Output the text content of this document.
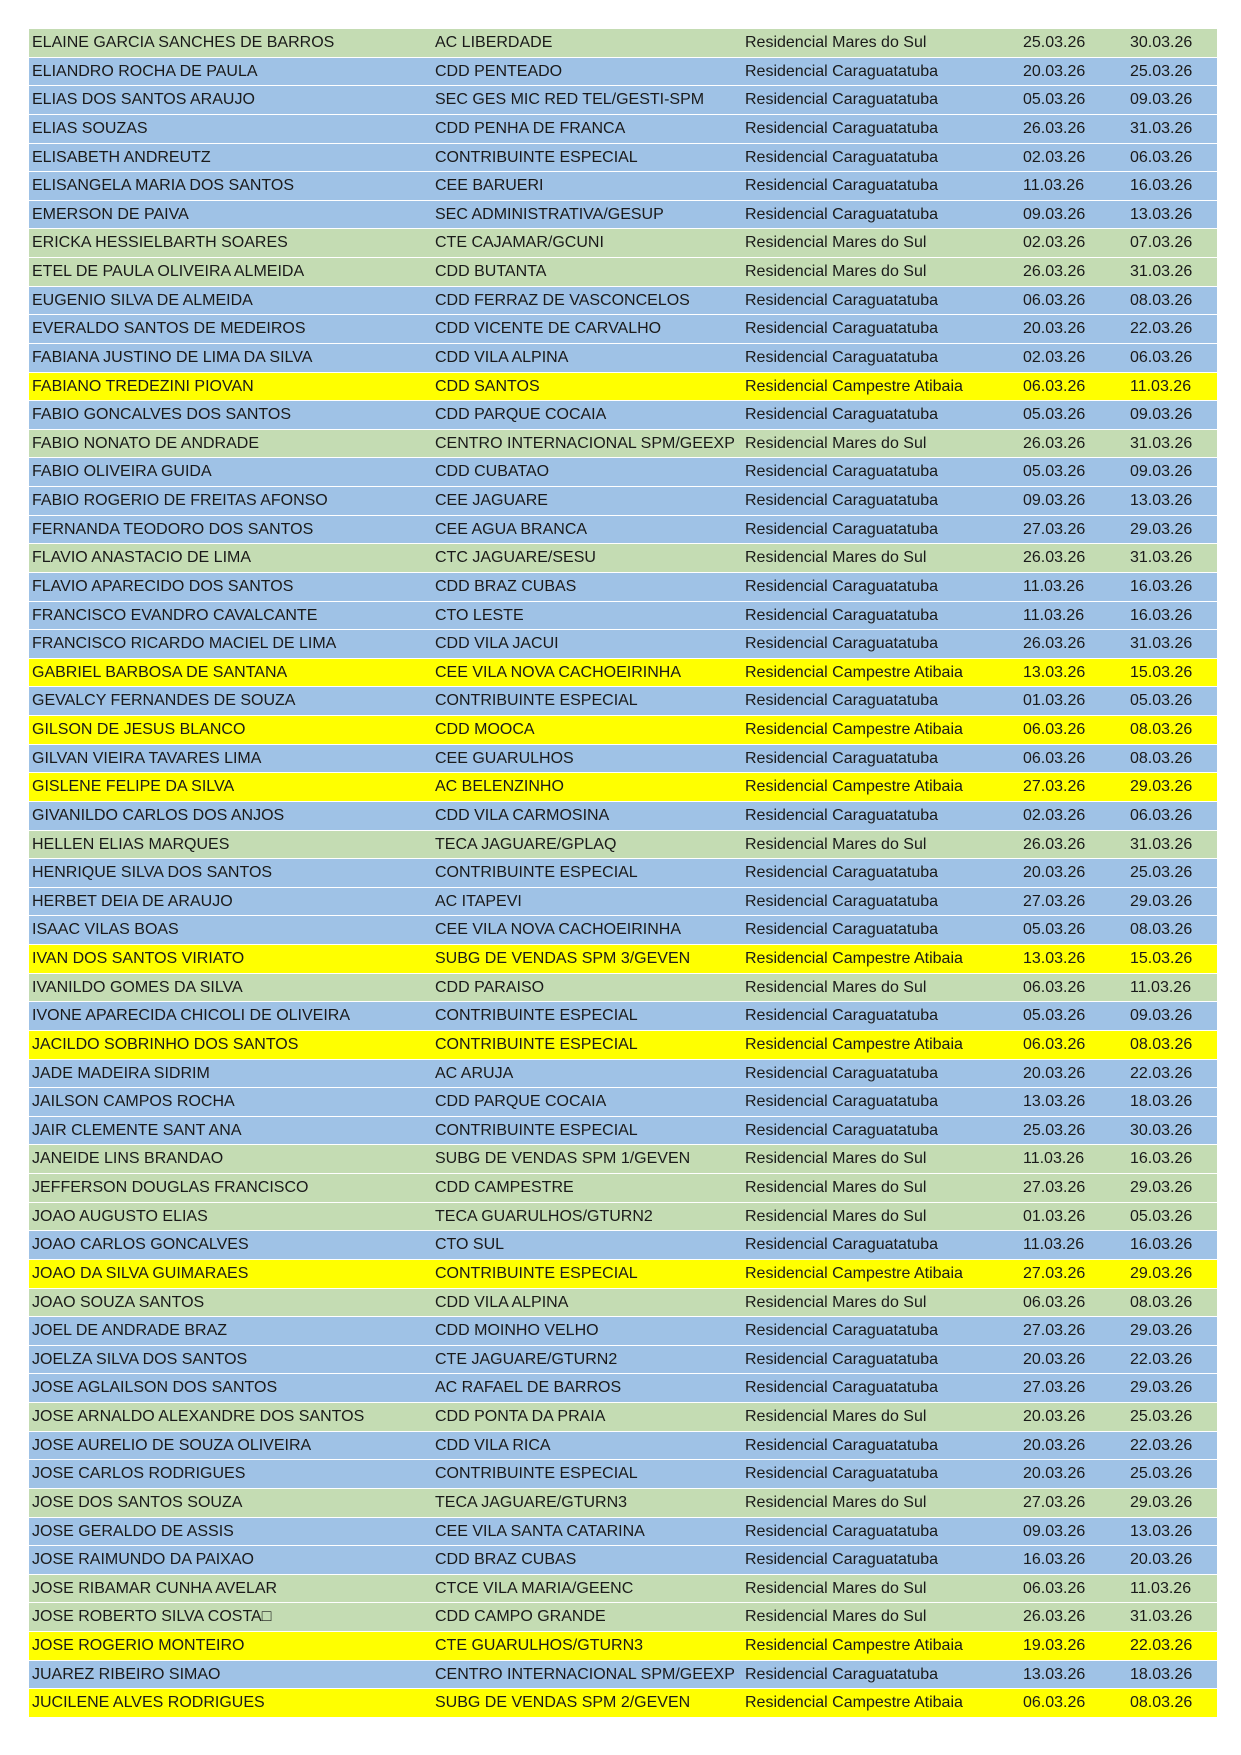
ELAINE GARCIA SANCHES DE BARROS	AC LIBERDADE	Residencial Mares do Sul	25.03.26	30.03.26
ELIANDRO ROCHA DE PAULA	CDD PENTEADO	Residencial Caraguatatuba	20.03.26	25.03.26
ELIAS DOS SANTOS ARAUJO	SEC GES MIC RED TEL/GESTI-SPM	Residencial Caraguatatuba	05.03.26	09.03.26
ELIAS SOUZAS	CDD PENHA DE FRANCA	Residencial Caraguatatuba	26.03.26	31.03.26
ELISABETH ANDREUTZ	CONTRIBUINTE ESPECIAL	Residencial Caraguatatuba	02.03.26	06.03.26
ELISANGELA MARIA DOS SANTOS	CEE BARUERI	Residencial Caraguatatuba	11.03.26	16.03.26
EMERSON DE PAIVA	SEC ADMINISTRATIVA/GESUP	Residencial Caraguatatuba	09.03.26	13.03.26
ERICKA HESSIELBARTH SOARES	CTE CAJAMAR/GCUNI	Residencial Mares do Sul	02.03.26	07.03.26
ETEL DE PAULA OLIVEIRA ALMEIDA	CDD BUTANTA	Residencial Mares do Sul	26.03.26	31.03.26
EUGENIO SILVA DE ALMEIDA	CDD FERRAZ DE VASCONCELOS	Residencial Caraguatatuba	06.03.26	08.03.26
EVERALDO SANTOS DE MEDEIROS	CDD VICENTE DE CARVALHO	Residencial Caraguatatuba	20.03.26	22.03.26
FABIANA JUSTINO DE LIMA DA SILVA	CDD VILA ALPINA	Residencial Caraguatatuba	02.03.26	06.03.26
FABIANO TREDEZINI PIOVAN	CDD SANTOS	Residencial Campestre Atibaia	06.03.26	11.03.26
FABIO GONCALVES DOS SANTOS	CDD PARQUE COCAIA	Residencial Caraguatatuba	05.03.26	09.03.26
FABIO NONATO DE ANDRADE	CENTRO INTERNACIONAL SPM/GEEXP Residencial Mares do Sul	26.03.26	31.03.26
FABIO OLIVEIRA GUIDA	CDD CUBATAO	Residencial Caraguatatuba	05.03.26	09.03.26
FABIO ROGERIO DE FREITAS AFONSO	CEE JAGUARE	Residencial Caraguatatuba	09.03.26	13.03.26
FERNANDA TEODORO DOS SANTOS	CEE AGUA BRANCA	Residencial Caraguatatuba	27.03.26	29.03.26
FLAVIO ANASTACIO DE LIMA	CTC JAGUARE/SESU	Residencial Mares do Sul	26.03.26	31.03.26
FLAVIO APARECIDO DOS SANTOS	CDD BRAZ CUBAS	Residencial Caraguatatuba	11.03.26	16.03.26
FRANCISCO EVANDRO CAVALCANTE	CTO LESTE	Residencial Caraguatatuba	11.03.26	16.03.26
FRANCISCO RICARDO MACIEL DE LIMA	CDD VILA JACUI	Residencial Caraguatatuba	26.03.26	31.03.26
GABRIEL BARBOSA DE SANTANA	CEE VILA NOVA CACHOEIRINHA	Residencial Campestre Atibaia	13.03.26	15.03.26
GEVALCY FERNANDES DE SOUZA	CONTRIBUINTE ESPECIAL	Residencial Caraguatatuba	01.03.26	05.03.26
GILSON DE JESUS BLANCO	CDD MOOCA	Residencial Campestre Atibaia	06.03.26	08.03.26
GILVAN VIEIRA TAVARES LIMA	CEE GUARULHOS	Residencial Caraguatatuba	06.03.26	08.03.26
GISLENE FELIPE DA SILVA	AC BELENZINHO	Residencial Campestre Atibaia	27.03.26	29.03.26
GIVANILDO CARLOS DOS ANJOS	CDD VILA CARMOSINA	Residencial Caraguatatuba	02.03.26	06.03.26
HELLEN ELIAS MARQUES	TECA JAGUARE/GPLAQ	Residencial Mares do Sul	26.03.26	31.03.26
HENRIQUE SILVA DOS SANTOS	CONTRIBUINTE ESPECIAL	Residencial Caraguatatuba	20.03.26	25.03.26
HERBET DEIA DE ARAUJO	AC ITAPEVI	Residencial Caraguatatuba	27.03.26	29.03.26
ISAAC VILAS BOAS	CEE VILA NOVA CACHOEIRINHA	Residencial Caraguatatuba	05.03.26	08.03.26
IVAN DOS SANTOS VIRIATO	SUBG DE VENDAS SPM 3/GEVEN	Residencial Campestre Atibaia	13.03.26	15.03.26
IVANILDO GOMES DA SILVA	CDD PARAISO	Residencial Mares do Sul	06.03.26	11.03.26
IVONE APARECIDA CHICOLI DE OLIVEIRA	CONTRIBUINTE ESPECIAL	Residencial Caraguatatuba	05.03.26	09.03.26
JACILDO SOBRINHO DOS SANTOS	CONTRIBUINTE ESPECIAL	Residencial Campestre Atibaia	06.03.26	08.03.26
JADE MADEIRA SIDRIM	AC ARUJA	Residencial Caraguatatuba	20.03.26	22.03.26
JAILSON CAMPOS ROCHA	CDD PARQUE COCAIA	Residencial Caraguatatuba	13.03.26	18.03.26
JAIR CLEMENTE SANT ANA	CONTRIBUINTE ESPECIAL	Residencial Caraguatatuba	25.03.26	30.03.26
JANEIDE LINS BRANDAO	SUBG DE VENDAS SPM 1/GEVEN	Residencial Mares do Sul	11.03.26	16.03.26
JEFFERSON DOUGLAS FRANCISCO	CDD CAMPESTRE	Residencial Mares do Sul	27.03.26	29.03.26
JOAO AUGUSTO ELIAS	TECA GUARULHOS/GTURN2	Residencial Mares do Sul	01.03.26	05.03.26
JOAO CARLOS GONCALVES	CTO SUL	Residencial Caraguatatuba	11.03.26	16.03.26
JOAO DA SILVA GUIMARAES	CONTRIBUINTE ESPECIAL	Residencial Campestre Atibaia	27.03.26	29.03.26
JOAO SOUZA SANTOS	CDD VILA ALPINA	Residencial Mares do Sul	06.03.26	08.03.26
JOEL DE ANDRADE BRAZ	CDD MOINHO VELHO	Residencial Caraguatatuba	27.03.26	29.03.26
JOELZA SILVA DOS SANTOS	CTE JAGUARE/GTURN2	Residencial Caraguatatuba	20.03.26	22.03.26
JOSE AGLAILSON DOS SANTOS	AC RAFAEL DE BARROS	Residencial Caraguatatuba	27.03.26	29.03.26
JOSE ARNALDO ALEXANDRE DOS SANTOS	CDD PONTA DA PRAIA	Residencial Mares do Sul	20.03.26	25.03.26
JOSE AURELIO DE SOUZA OLIVEIRA	CDD VILA RICA	Residencial Caraguatatuba	20.03.26	22.03.26
JOSE CARLOS RODRIGUES	CONTRIBUINTE ESPECIAL	Residencial Caraguatatuba	20.03.26	25.03.26
JOSE DOS SANTOS SOUZA	TECA JAGUARE/GTURN3	Residencial Mares do Sul	27.03.26	29.03.26
JOSE GERALDO DE ASSIS	CEE VILA SANTA CATARINA	Residencial Caraguatatuba	09.03.26	13.03.26
JOSE RAIMUNDO DA PAIXAO	CDD BRAZ CUBAS	Residencial Caraguatatuba	16.03.26	20.03.26
JOSE RIBAMAR CUNHA AVELAR	CTCE VILA MARIA/GEENC	Residencial Mares do Sul	06.03.26	11.03.26
JOSE ROBERTO SILVA COSTA□	CDD CAMPO GRANDE	Residencial Mares do Sul	26.03.26	31.03.26
JOSE ROGERIO MONTEIRO	CTE GUARULHOS/GTURN3	Residencial Campestre Atibaia	19.03.26	22.03.26
JUAREZ RIBEIRO SIMAO	CENTRO INTERNACIONAL SPM/GEEXP Residencial Caraguatatuba	13.03.26	18.03.26
JUCILENE ALVES RODRIGUES	SUBG DE VENDAS SPM 2/GEVEN	Residencial Campestre Atibaia	06.03.26	08.03.26
